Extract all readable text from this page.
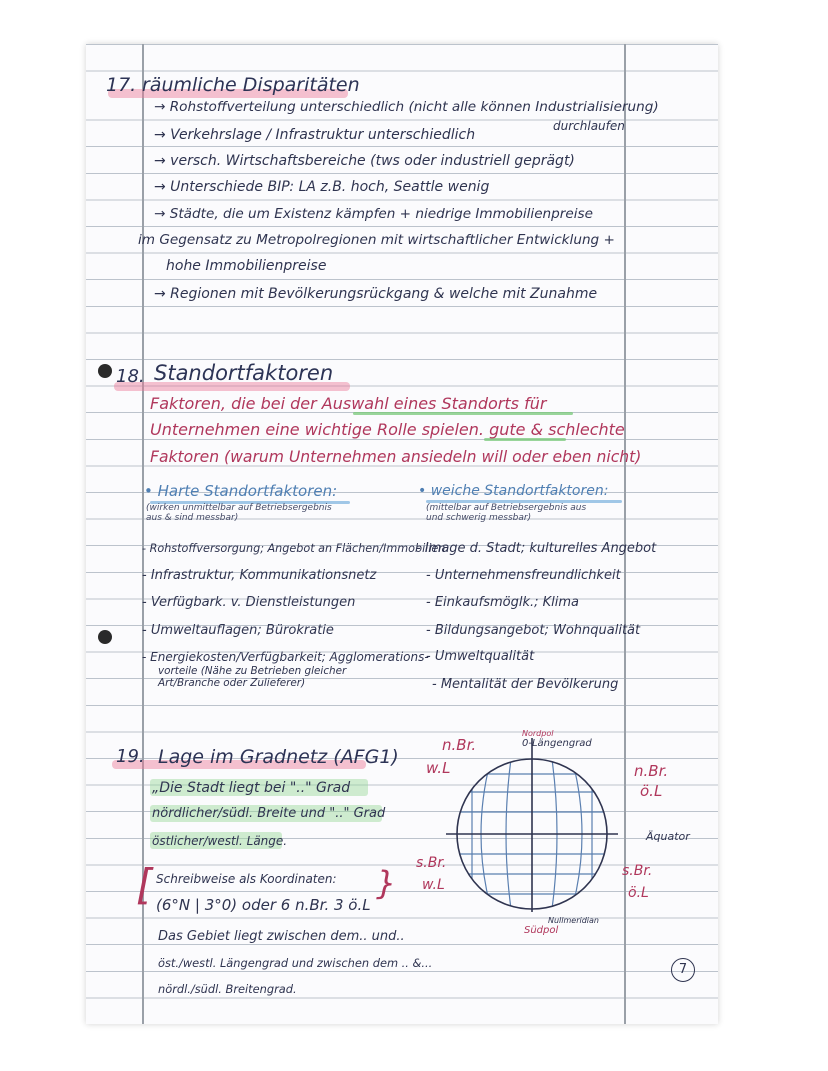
17. räumliche Disparitäten
→ Rohstoffverteilung unterschiedlich (nicht alle können Industrialisierung)
durchlaufen
→ Verkehrslage / Infrastruktur unterschiedlich
→ versch. Wirtschaftsbereiche (tws oder industriell geprägt)
→ Unterschiede BIP: LA z.B. hoch, Seattle wenig
→ Städte, die um Existenz kämpfen + niedrige Immobilienpreise
im Gegensatz zu Metropolregionen mit wirtschaftlicher Entwicklung +
hohe Immobilienpreise
→ Regionen mit Bevölkerungsrückgang & welche mit Zunahme
18. Standortfaktoren
Faktoren, die bei der Auswahl eines Standorts für
Unternehmen eine wichtige Rolle spielen. gute & schlechte
Faktoren (warum Unternehmen ansiedeln will oder eben nicht)
• Harte Standortfaktoren:
(wirken unmittelbar auf Betriebsergebnis
aus & sind messbar)
• weiche Standortfaktoren:
(mittelbar auf Betriebsergebnis aus
und schwerig messbar)
- Rohstoffversorgung; Angebot an Flächen/Immobilien
- Infrastruktur, Kommunikationsnetz
- Verfügbark. v. Dienstleistungen
- Umweltauflagen; Bürokratie
- Energiekosten/Verfügbarkeit; Agglomerations-
vorteile (Nähe zu Betrieben gleicher
Art/Branche oder Zulieferer)
- Image d. Stadt; kulturelles Angebot
- Unternehmensfreundlichkeit
- Einkaufsmöglk.; Klima
- Bildungsangebot; Wohnqualität
- Umweltqualität
- Mentalität der Bevölkerung
19. Lage im Gradnetz (AFG1)
„Die Stadt liegt bei ".." Grad
nördlicher/südl. Breite und ".." Grad
östlicher/westl. Länge.
[ Schreibweise als Koordinaten:
(6°N | 3°0) oder 6 n.Br. 3 ö.L
}
Das Gebiet liegt zwischen dem.. und..
öst./westl. Längengrad und zwischen dem .. &...
nördl./südl. Breitengrad.
Nordpol
0-Längengrad
Äquator
Nullmeridian
Südpol
n.Br.
w.L	n.Br.
ö.L
s.Br.
w.L
s.Br.
ö.L
7
